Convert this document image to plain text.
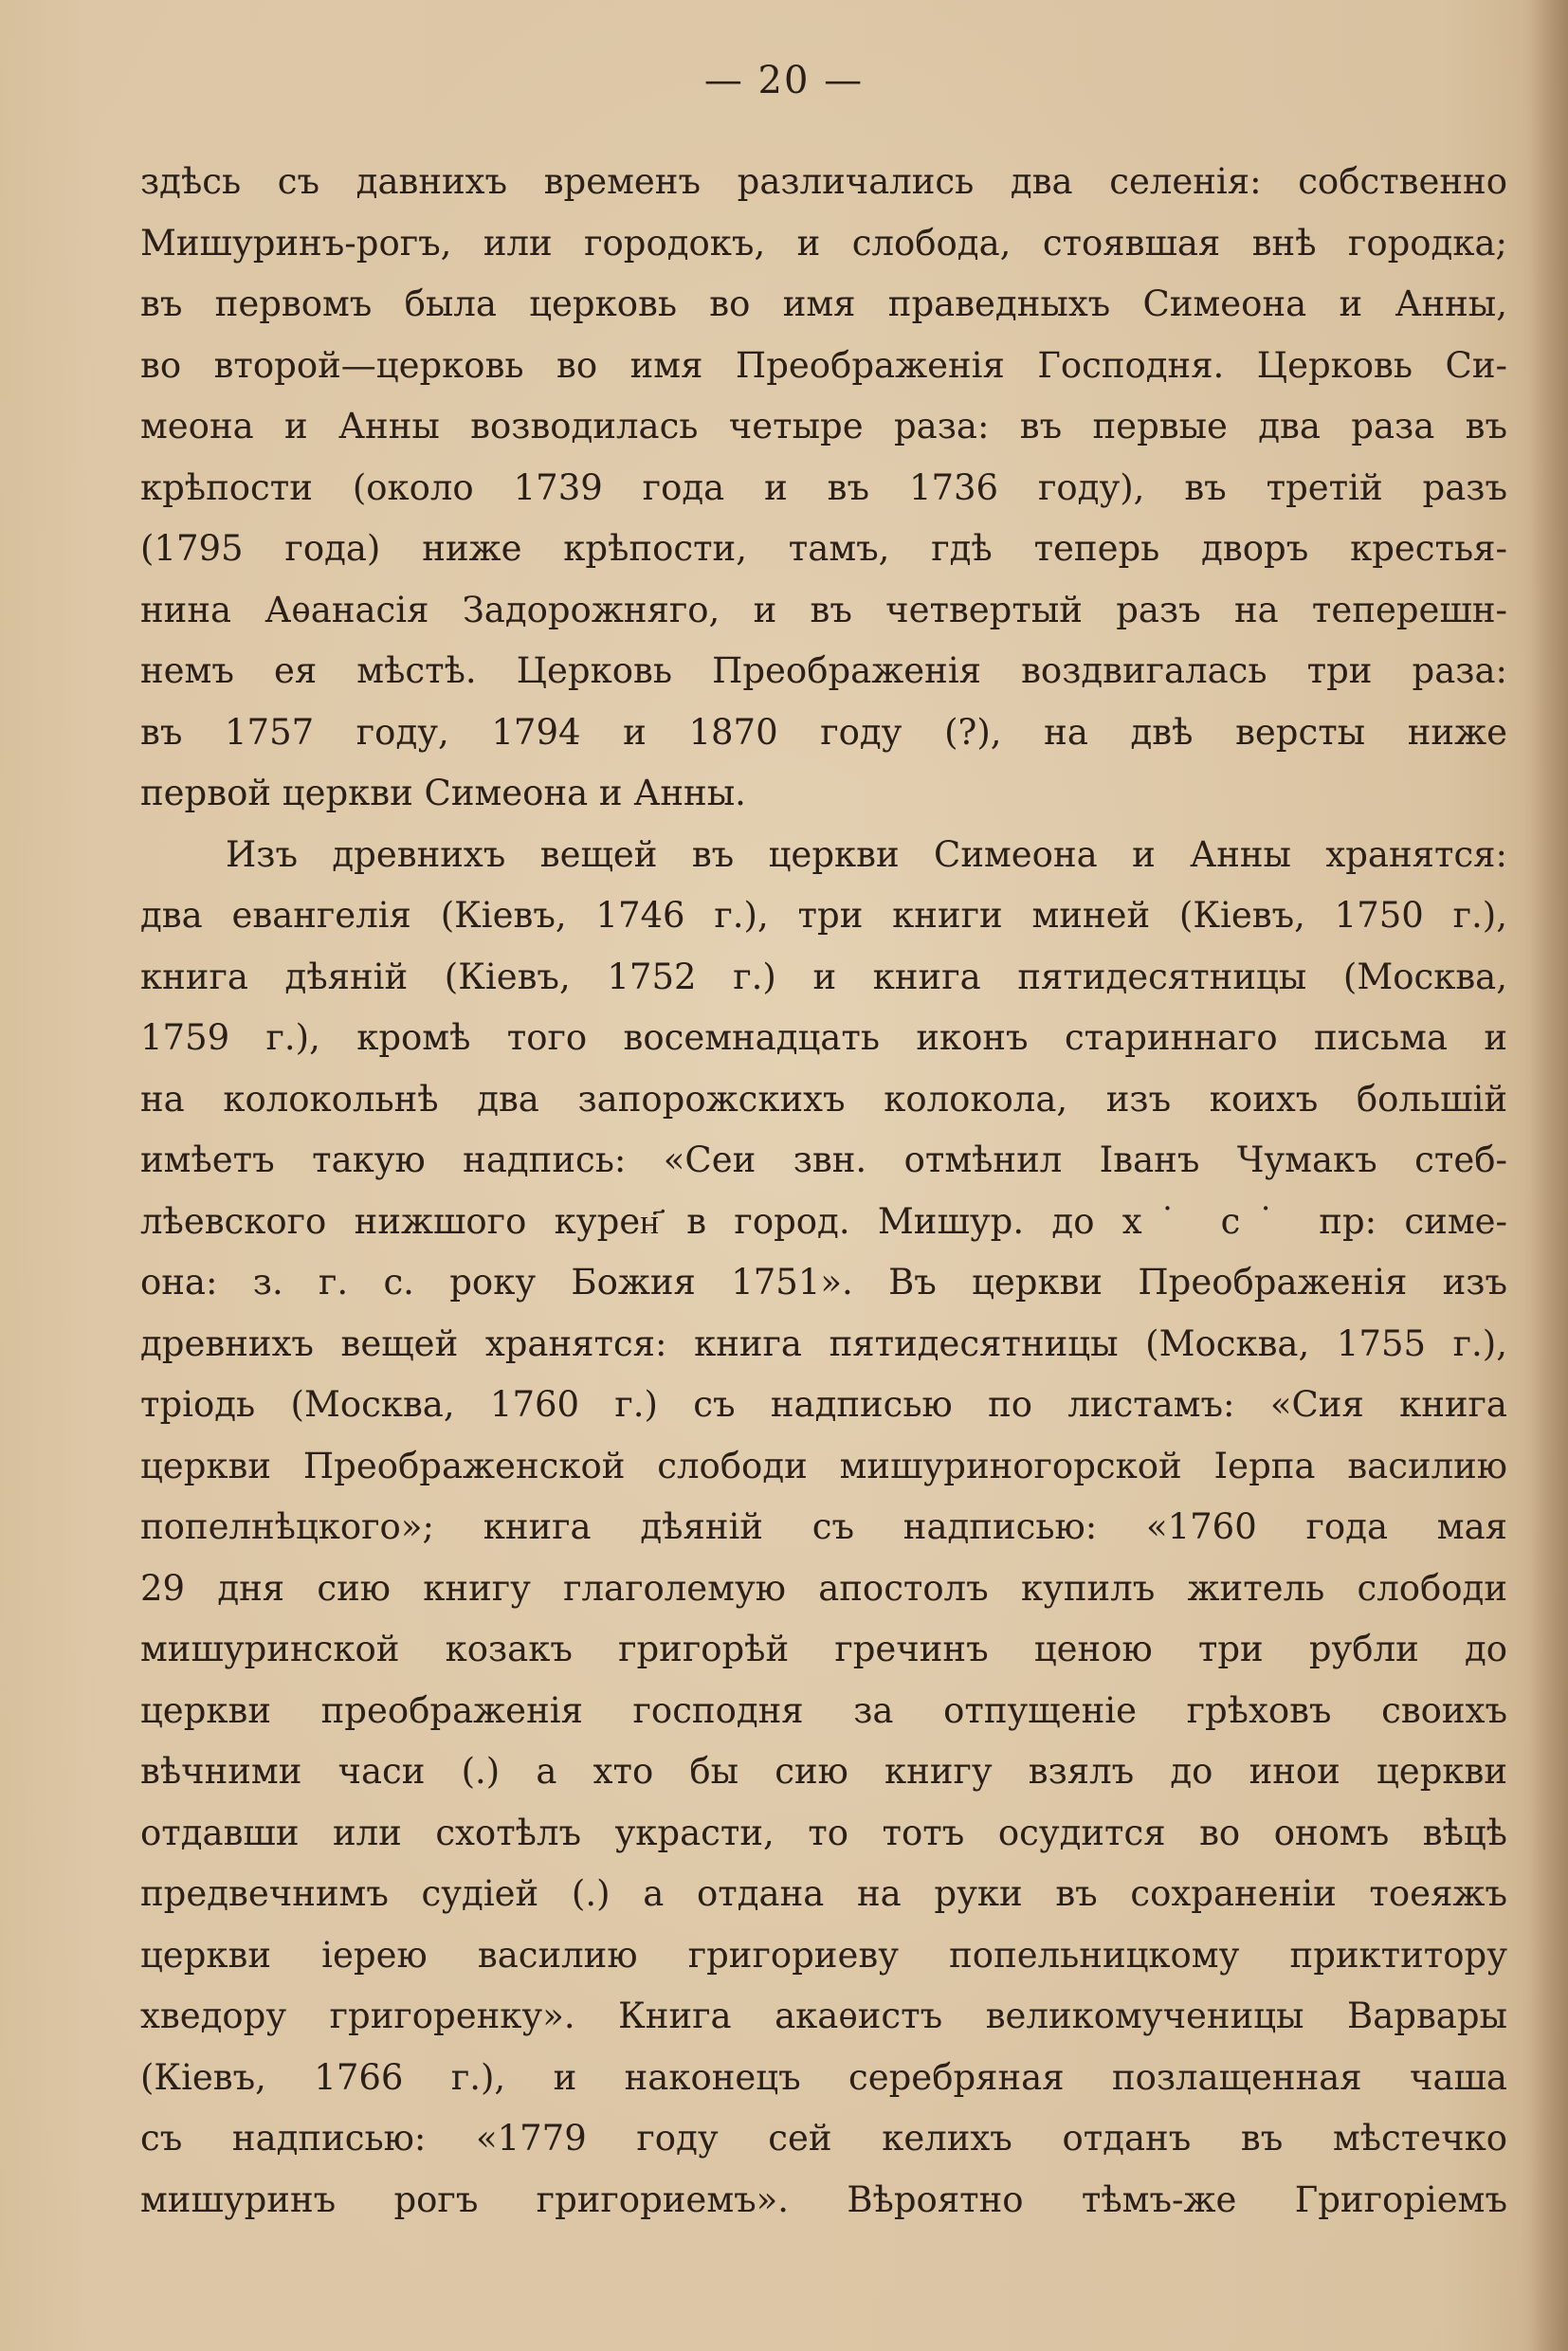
— 20 —
здѣсь съ давнихъ временъ различались два селенія: собственно
Мишуринъ-рогъ, или городокъ, и слобода, стоявшая внѣ городка;
въ первомъ была церковь во имя праведныхъ Симеона и Анны,
во второй—церковь во имя Преображенія Господня. Церковь Си-
меона и Анны возводилась четыре раза: въ первые два раза въ
крѣпости (около 1739 года и въ 1736 году), въ третій разъ
(1795 года) ниже крѣпости, тамъ, гдѣ теперь дворъ крестья-
нина Аѳанасія Задорожняго, и въ четвертый разъ на теперешн-
немъ ея мѣстѣ. Церковь Преображенія воздвигалась три раза:
въ 1757 году, 1794 и 1870 году (?), на двѣ версты ниже
первой церкви Симеона и Анны.
Изъ древнихъ вещей въ церкви Симеона и Анны хранятся:
два евангелія (Кіевъ, 1746 г.), три книги миней (Кіевъ, 1750 г.),
книга дѣяній (Кіевъ, 1752 г.) и книга пятидесятницы (Москва,
1759 г.), кромѣ того восемнадцать иконъ стариннаго письма и
на колокольнѣ два запорожскихъ колокола, изъ коихъ большій
имѣетъ такую надпись: «Сеи звн. отмѣнил Іванъ Чумакъ стеб-
лѣевского нижшого курен҃ в город. Мишур. до х˙ с˙ пр: симе-
она: з. г. с. року Божия 1751». Въ церкви Преображенія изъ
древнихъ вещей хранятся: книга пятидесятницы (Москва, 1755 г.),
тріодь (Москва, 1760 г.) съ надписью по листамъ: «Сия книга
церкви Преображенской слободи мишуриногорской Іерпа василию
попелнѣцкого»; книга дѣяній съ надписью: «1760 года мая
29 дня сию книгу глаголемую апостолъ купилъ житель слободи
мишуринской козакъ григорѣй гречинъ ценою три рубли до
церкви преображенія господня за отпущеніе грѣховъ своихъ
вѣчними часи (.) а хто бы сию книгу взялъ до инои церкви
отдавши или схотѣлъ украсти, то тотъ осудится во ономъ вѣцѣ
предвечнимъ судіей (.) а отдана на руки въ сохраненіи тоеяжъ
церкви іерею василию григориеву попельницкому приктитору
хведору григоренку». Книга акаѳистъ великомученицы Варвары
(Кіевъ, 1766 г.), и наконецъ серебряная позлащенная чаша
съ надписью: «1779 году сей келихъ отданъ въ мѣстечко
мишуринъ рогъ григориемъ». Вѣроятно тѣмъ-же Григоріемъ
